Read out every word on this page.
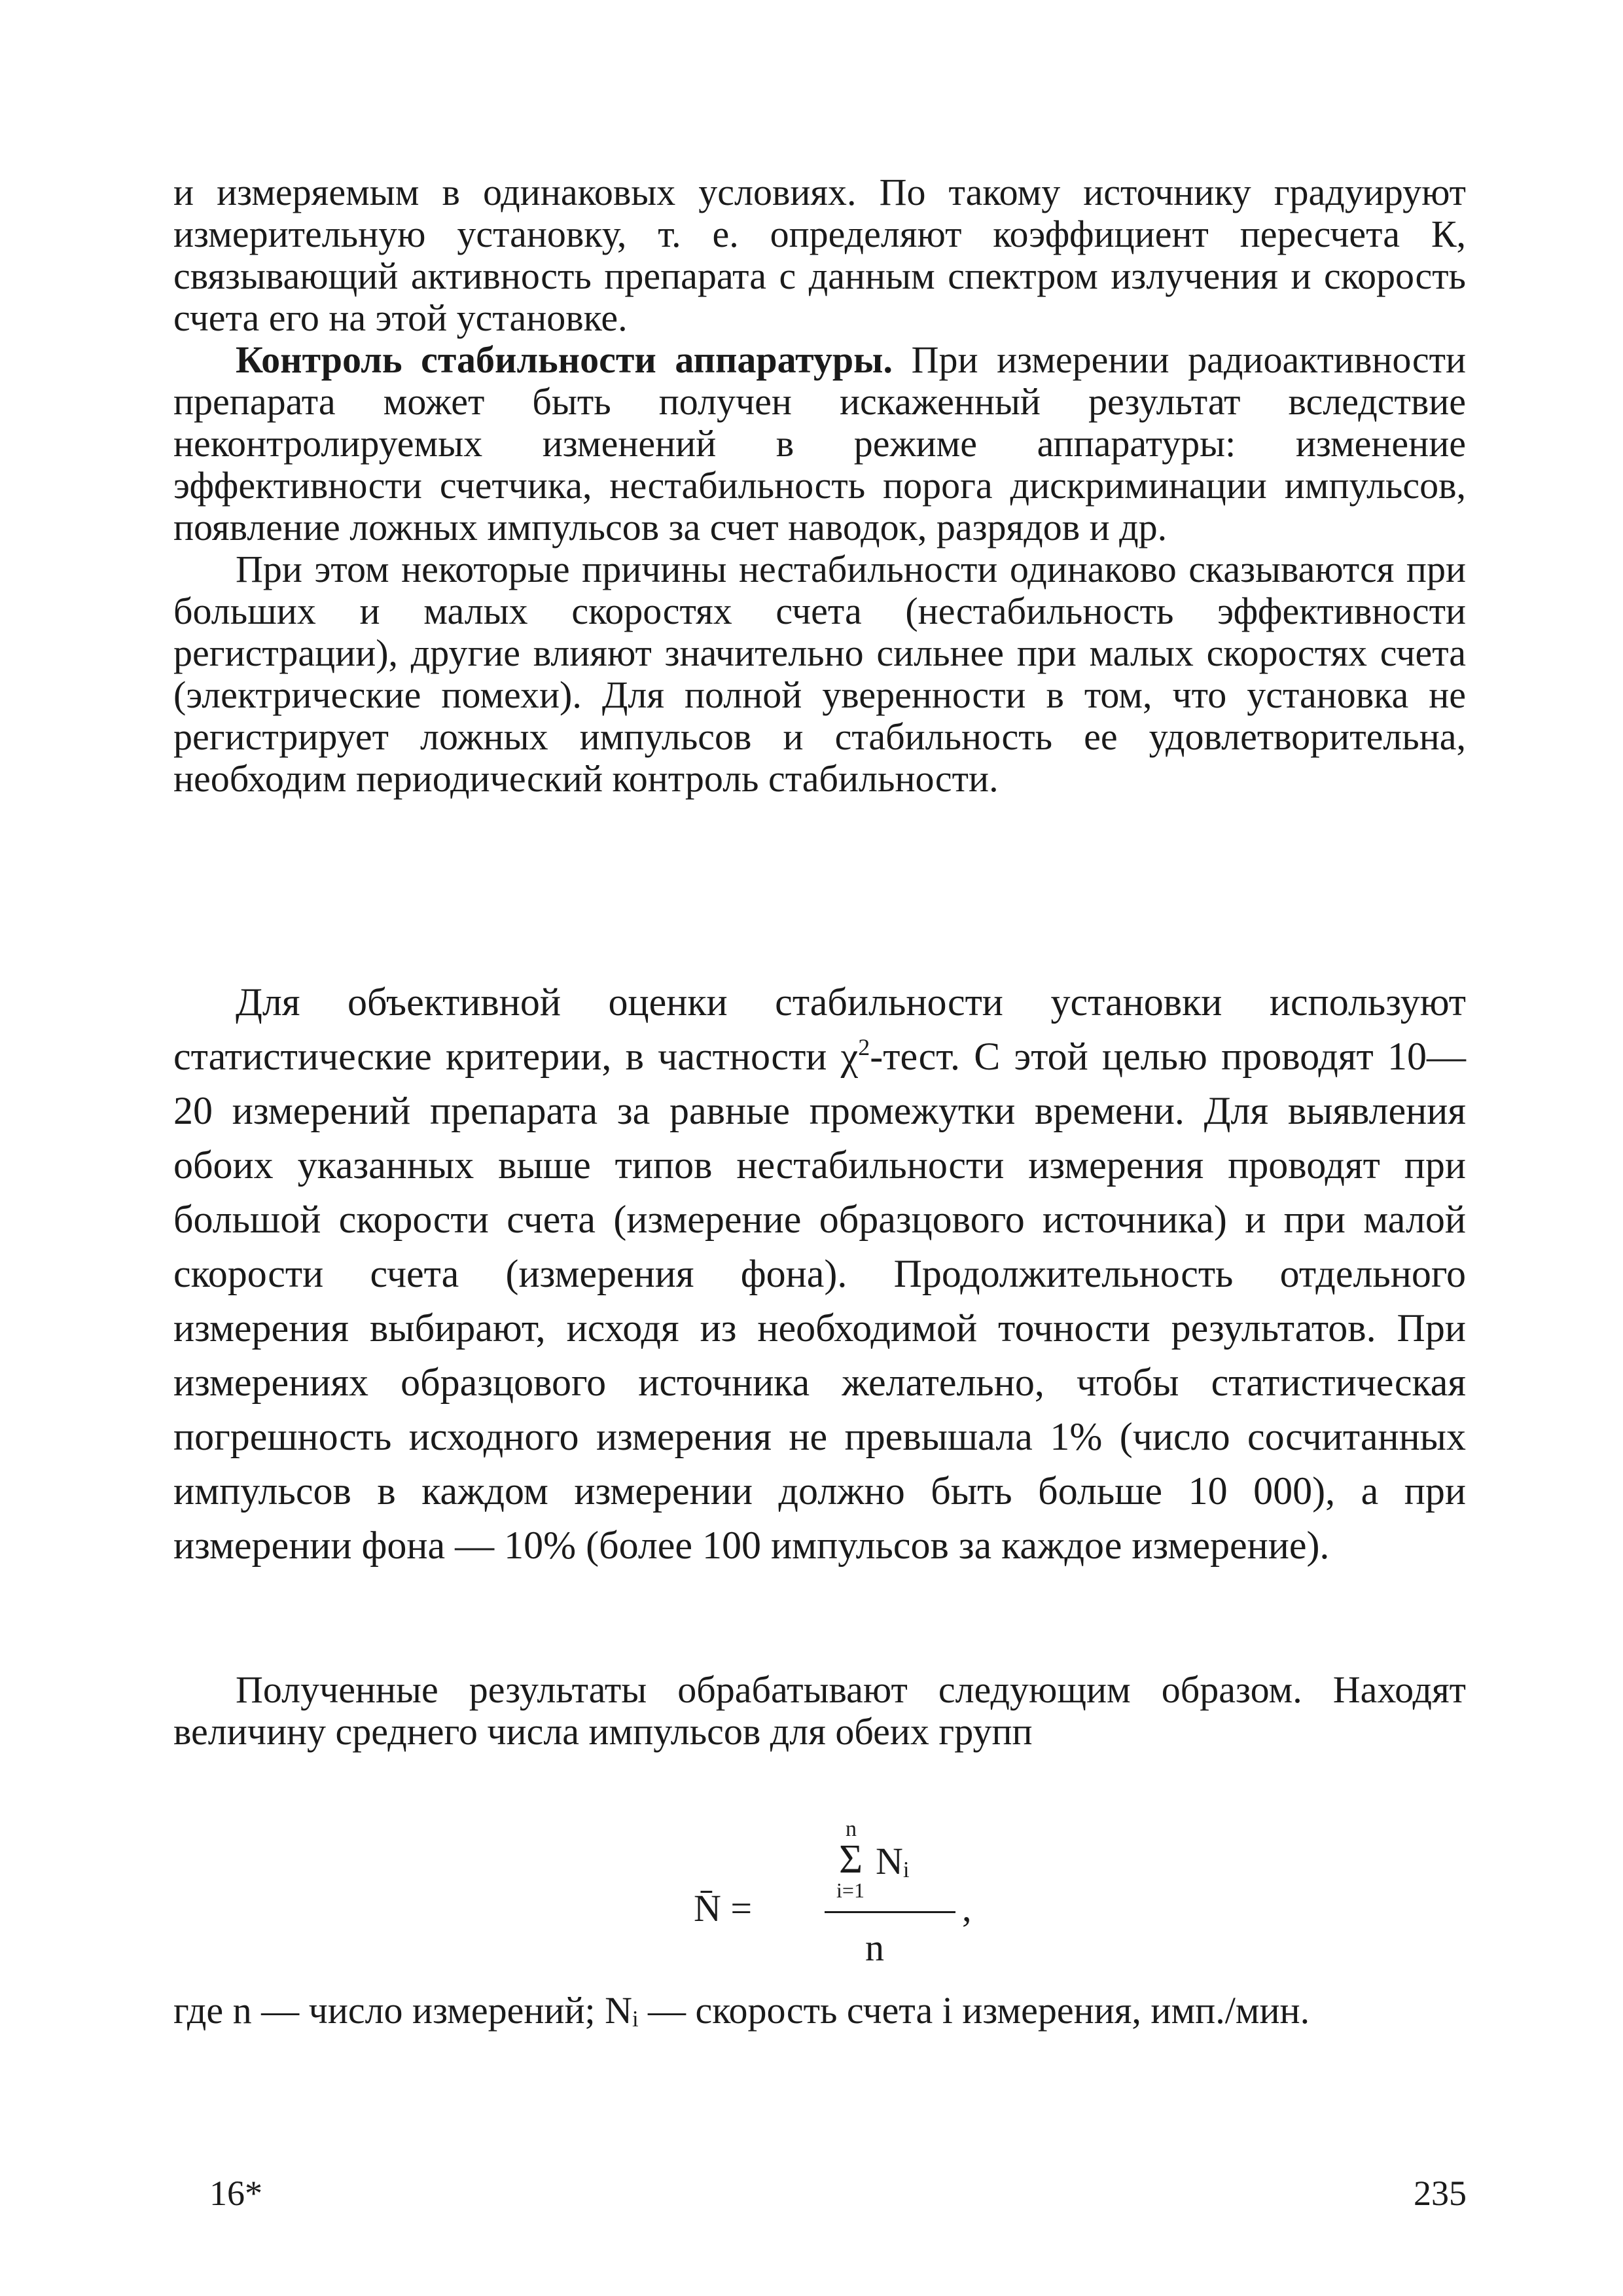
и измеряемым в одинаковых условиях. По такому источнику градуируют измерительную установку, т. е. определяют коэффициент пересчета К, связывающий активность препарата с данным спектром излучения и скорость счета его на этой установке.

Контроль стабильности аппаратуры. При измерении радиоактивности препарата может быть получен искаженный результат вследствие неконтролируемых изменений в режиме аппаратуры: изменение эффективности счетчика, нестабильность порога дискриминации импульсов, появление ложных импульсов за счет наводок, разрядов и др.

При этом некоторые причины нестабильности одинаково сказываются при больших и малых скоростях счета (нестабильность эффективности регистрации), другие влияют значительно сильнее при малых скоростях счета (электрические помехи). Для полной уверенности в том, что установка не регистрирует ложных импульсов и стабильность ее удовлетворительна, необходим периодический контроль стабильности.

Для объективной оценки стабильности установки используют статистические критерии, в частности $\chi^2$-тест. С этой целью проводят 10—20 измерений препарата за равные промежутки времени. Для выявления обоих указанных выше типов нестабильности измерения проводят при большой скорости счета (измерение образцового источника) и при малой скорости счета (измерения фона). Продолжительность отдельного измерения выбирают, исходя из необходимой точности результатов. При измерениях образцового источника желательно, чтобы статистическая погрешность исходного измерения не превышала 1% (число сосчитанных импульсов в каждом измерении должно быть больше 10 000), а при измерении фона — 10% (более 100 импульсов за каждое измерение).

Полученные результаты обрабатывают следующим образом. Находят величину среднего числа импульсов для обеих групп

N̄ =
n
Σ Nᵢ
i=1
n
,

где n — число измерений; Nᵢ — скорость счета i измерения, имп./мин.

16*	235
